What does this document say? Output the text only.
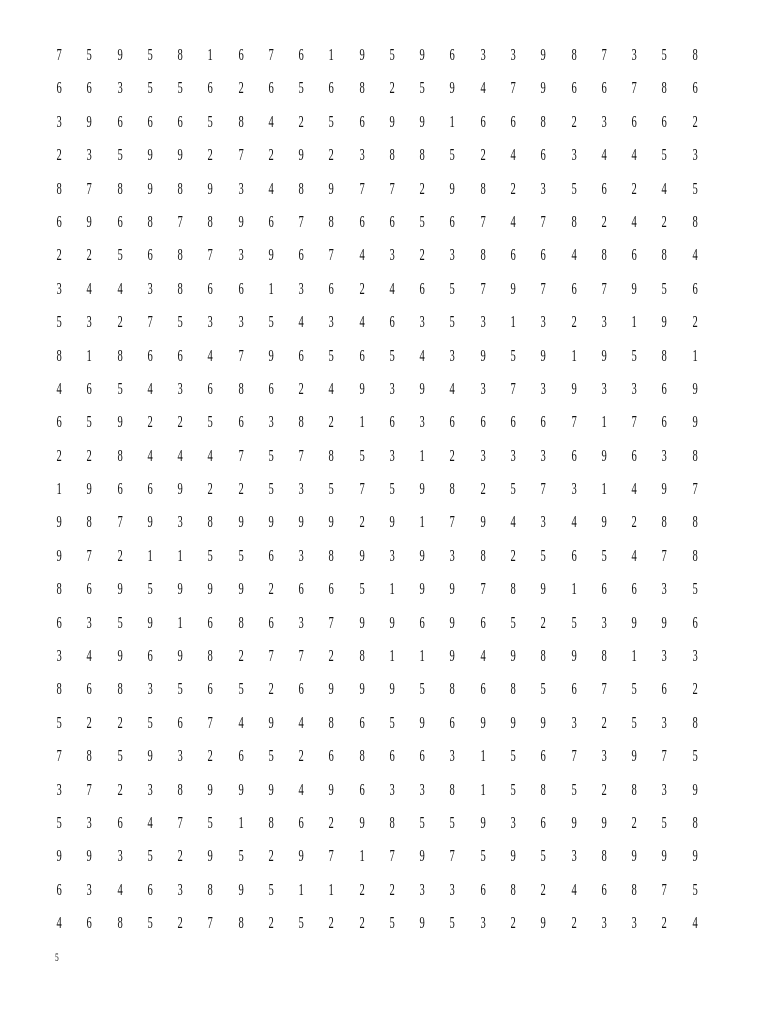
7	5	9	5	8	1	6	7	6	1	9	5	9	6	3	3	9	8	7	3	5	8
6	6	3	5	5	6	2	6	5	6	8	2	5	9	4	7	9	6	6	7	8	6
3	9	6	6	6	5	8	4	2	5	6	9	9	1	6	6	8	2	3	6	6	2
2	3	5	9	9	2	7	2	9	2	3	8	8	5	2	4	6	3	4	4	5	3
8	7	8	9	8	9	3	4	8	9	7	7	2	9	8	2	3	5	6	2	4	5
6	9	6	8	7	8	9	6	7	8	6	6	5	6	7	4	7	8	2	4	2	8
2	2	5	6	8	7	3	9	6	7	4	3	2	3	8	6	6	4	8	6	8	4
3	4	4	3	8	6	6	1	3	6	2	4	6	5	7	9	7	6	7	9	5	6
5	3	2	7	5	3	3	5	4	3	4	6	3	5	3	1	3	2	3	1	9	2
8	1	8	6	6	4	7	9	6	5	6	5	4	3	9	5	9	1	9	5	8	1
4	6	5	4	3	6	8	6	2	4	9	3	9	4	3	7	3	9	3	3	6	9
6	5	9	2	2	5	6	3	8	2	1	6	3	6	6	6	6	7	1	7	6	9
2	2	8	4	4	4	7	5	7	8	5	3	1	2	3	3	3	6	9	6	3	8
1	9	6	6	9	2	2	5	3	5	7	5	9	8	2	5	7	3	1	4	9	7
9	8	7	9	3	8	9	9	9	9	2	9	1	7	9	4	3	4	9	2	8	8
9	7	2	1	1	5	5	6	3	8	9	3	9	3	8	2	5	6	5	4	7	8
8	6	9	5	9	9	9	2	6	6	5	1	9	9	7	8	9	1	6	6	3	5
6	3	5	9	1	6	8	6	3	7	9	9	6	9	6	5	2	5	3	9	9	6
3	4	9	6	9	8	2	7	7	2	8	1	1	9	4	9	8	9	8	1	3	3
8	6	8	3	5	6	5	2	6	9	9	9	5	8	6	8	5	6	7	5	6	2
5	2	2	5	6	7	4	9	4	8	6	5	9	6	9	9	9	3	2	5	3	8
7	8	5	9	3	2	6	5	2	6	8	6	6	3	1	5	6	7	3	9	7	5
3	7	2	3	8	9	9	9	4	9	6	3	3	8	1	5	8	5	2	8	3	9
5	3	6	4	7	5	1	8	6	2	9	8	5	5	9	3	6	9	9	2	5	8
9	9	3	5	2	9	5	2	9	7	1	7	9	7	5	9	5	3	8	9	9	9
6	3	4	6	3	8	9	5	1	1	2	2	3	3	6	8	2	4	6	8	7	5
4	6	8	5	2	7	8	2	5	2	2	5	9	5	3	2	9	2	3	3	2	4
5
